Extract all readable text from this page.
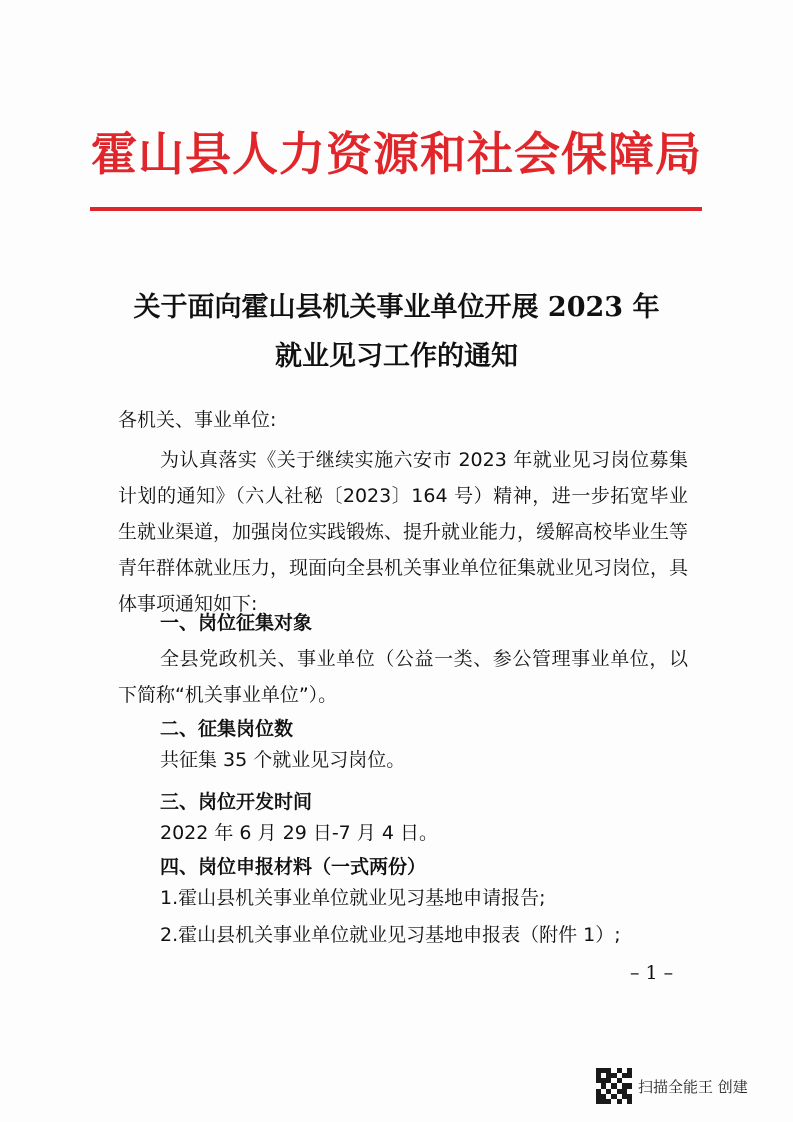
霍山县人力资源和社会保障局
关于面向霍山县机关事业单位开展 2023 年
就业见习工作的通知
各机关、事业单位:
为认真落实《关于继续实施六安市 2023 年就业见习岗位募集计划的通知》（六人社秘〔2023〕164 号）精神，进一步拓宽毕业生就业渠道，加强岗位实践锻炼、提升就业能力，缓解高校毕业生等青年群体就业压力，现面向全县机关事业单位征集就业见习岗位，具体事项通知如下:
一、岗位征集对象
全县党政机关、事业单位（公益一类、参公管理事业单位，以下简称“机关事业单位”）。
二、征集岗位数
共征集 35 个就业见习岗位。
三、岗位开发时间
2022 年 6 月 29 日-7 月 4 日。
四、岗位申报材料（一式两份）
1.霍山县机关事业单位就业见习基地申请报告;
2.霍山县机关事业单位就业见习基地申报表（附件 1）;
– 1 –
扫描全能王 创建
